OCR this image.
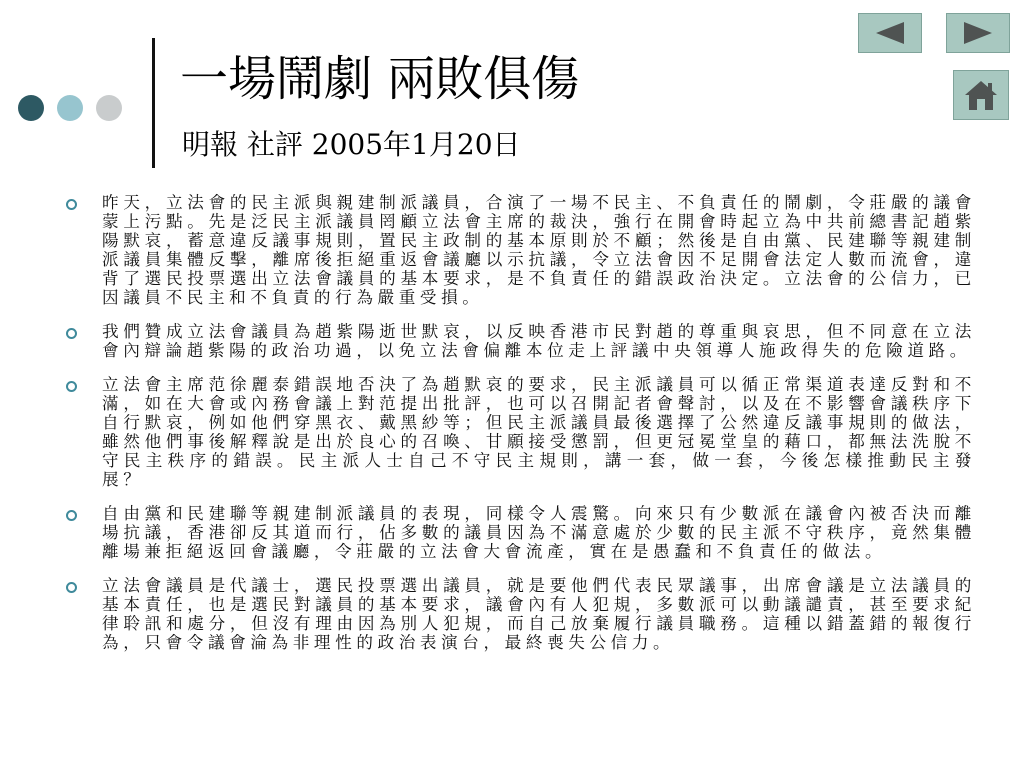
一場鬧劇 兩敗俱傷
明報 社評 2005年1月20日
昨天，立法會的民主派與親建制派議員，合演了一場不民主、不負責任的鬧劇，令莊嚴的議會蒙上污點。先是泛民主派議員罔顧立法會主席的裁決，強行在開會時起立為中共前總書記趙紫陽默哀，蓄意違反議事規則，置民主政制的基本原則於不顧；然後是自由黨、民建聯等親建制派議員集體反擊，離席後拒絕重返會議廳以示抗議，令立法會因不足開會法定人數而流會，違背了選民投票選出立法會議員的基本要求，是不負責任的錯誤政治決定。立法會的公信力，已因議員不民主和不負責的行為嚴重受損。
我們贊成立法會議員為趙紫陽逝世默哀，以反映香港市民對趙的尊重與哀思，但不同意在立法會內辯論趙紫陽的政治功過，以免立法會偏離本位走上評議中央領導人施政得失的危險道路。
立法會主席范徐麗泰錯誤地否決了為趙默哀的要求，民主派議員可以循正常渠道表達反對和不滿，如在大會或內務會議上對范提出批評，也可以召開記者會聲討，以及在不影響會議秩序下自行默哀，例如他們穿黑衣、戴黑紗等；但民主派議員最後選擇了公然違反議事規則的做法，雖然他們事後解釋說是出於良心的召喚、甘願接受懲罰，但更冠冕堂皇的藉口，都無法洗脫不守民主秩序的錯誤。民主派人士自己不守民主規則，講一套，做一套，今後怎樣推動民主發展？
自由黨和民建聯等親建制派議員的表現，同樣令人震驚。向來只有少數派在議會內被否決而離場抗議，香港卻反其道而行，佔多數的議員因為不滿意處於少數的民主派不守秩序，竟然集體離場兼拒絕返回會議廳，令莊嚴的立法會大會流產，實在是愚蠢和不負責任的做法。
立法會議員是代議士，選民投票選出議員，就是要他們代表民眾議事，出席會議是立法議員的基本責任，也是選民對議員的基本要求，議會內有人犯規，多數派可以動議譴責，甚至要求紀律聆訊和處分，但沒有理由因為別人犯規，而自己放棄履行議員職務。這種以錯蓋錯的報復行為，只會令議會淪為非理性的政治表演台，最終喪失公信力。
